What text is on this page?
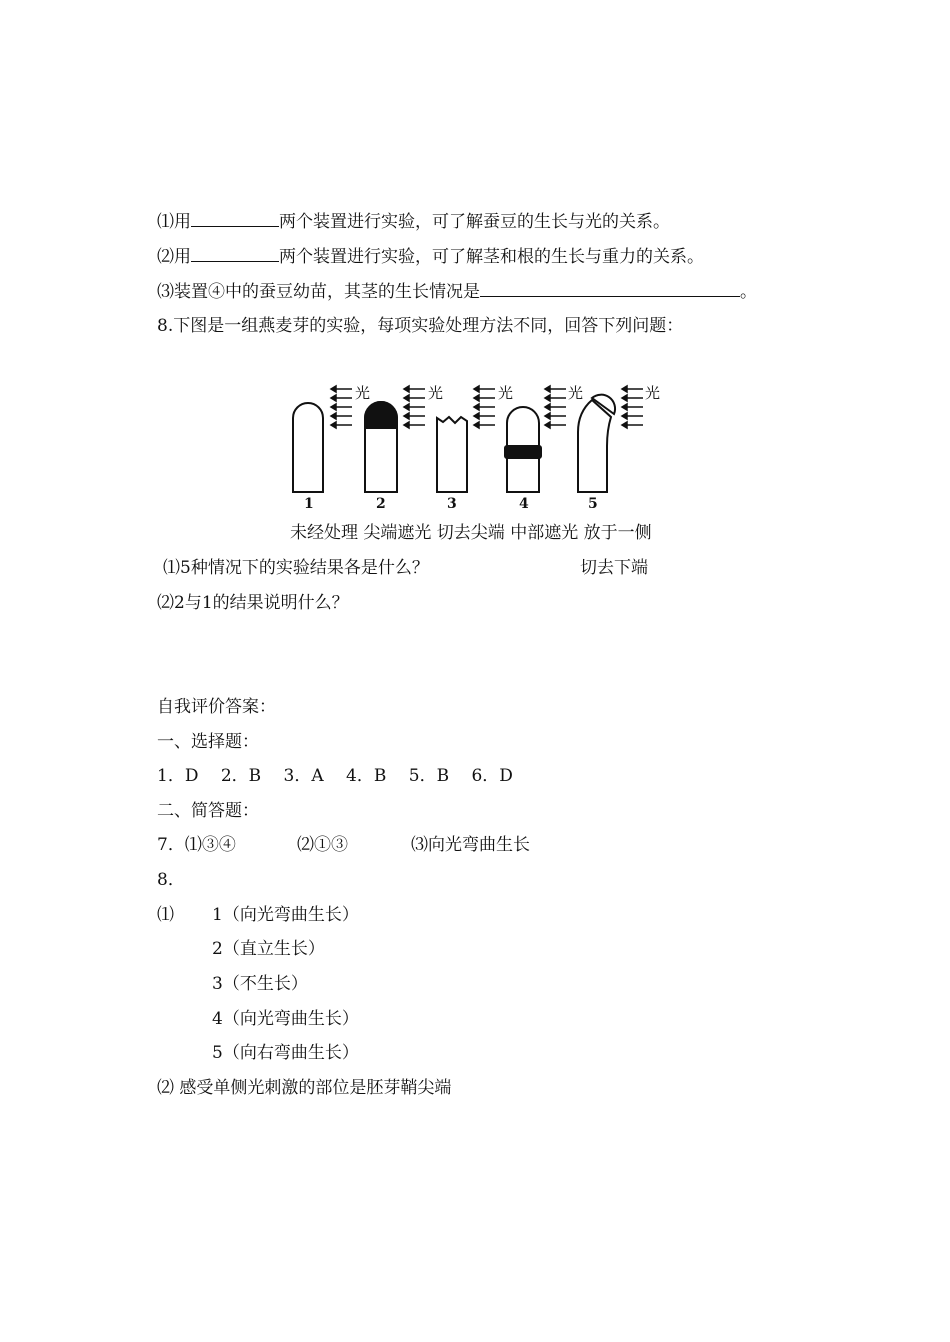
⑴用	两个装置进行实验，可了解蚕豆的生长与光的关系。
⑵用	两个装置进行实验，可了解茎和根的生长与重力的关系。
⑶装置④中的蚕豆幼苗，其茎的生长情况是	。
8.下图是一组燕麦芽的实验，每项实验处理方法不同，回答下列问题：
光	光	光	光	光
1	2	3	4	5
未经处理 尖端遮光 切去尖端 中部遮光 放于一侧
切去下端
⑴5种情况下的实验结果各是什么？
⑵2与1的结果说明什么？
自我评价答案：
一、选择题：
1．D　 2．B　 3．A　 4．B　 5．B　 6．D
二、简答题：
7．⑴③④	⑵①③	⑶向光弯曲生长
8．
⑴ 1（向光弯曲生长）
2（直立生长）
3（不生长）
4（向光弯曲生长）
5（向右弯曲生长）
⑵ 感受单侧光刺激的部位是胚芽鞘尖端
